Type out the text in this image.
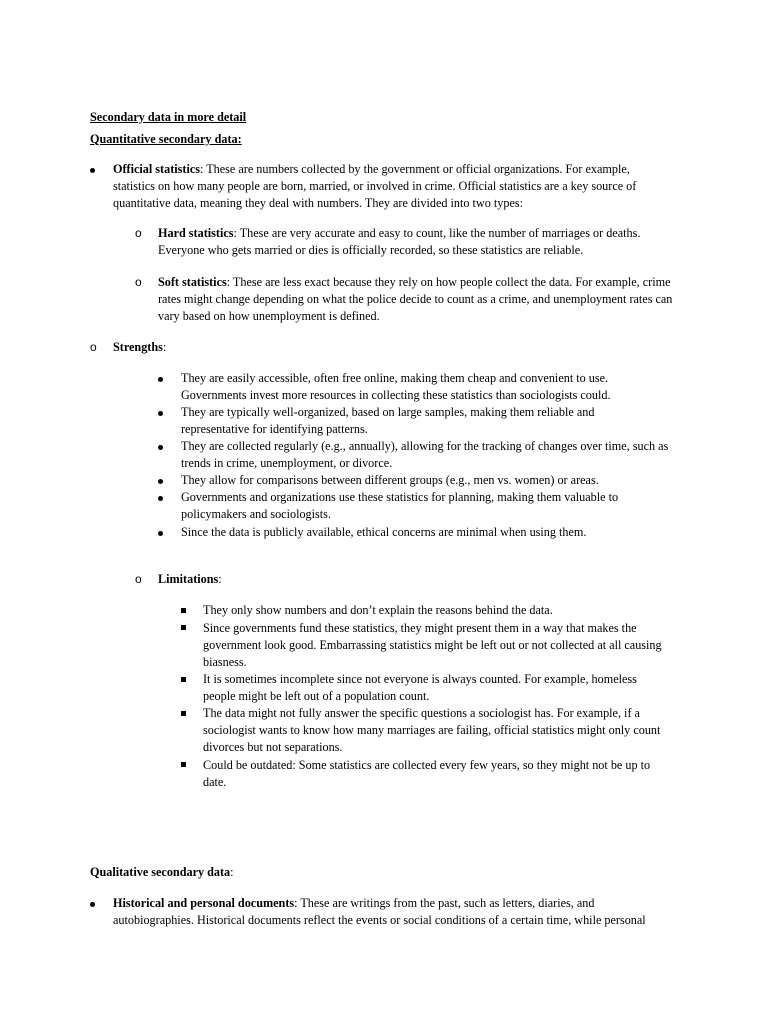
Secondary data in more detail
Quantitative secondary data:
Official statistics: These are numbers collected by the government or official organizations. For example, statistics on how many people are born, married, or involved in crime. Official statistics are a key source of quantitative data, meaning they deal with numbers. They are divided into two types:
o Hard statistics: These are very accurate and easy to count, like the number of marriages or deaths. Everyone who gets married or dies is officially recorded, so these statistics are reliable.
o Soft statistics: These are less exact because they rely on how people collect the data. For example, crime rates might change depending on what the police decide to count as a crime, and unemployment rates can vary based on how unemployment is defined.
o Strengths:
They are easily accessible, often free online, making them cheap and convenient to use. Governments invest more resources in collecting these statistics than sociologists could.
They are typically well-organized, based on large samples, making them reliable and representative for identifying patterns.
They are collected regularly (e.g., annually), allowing for the tracking of changes over time, such as trends in crime, unemployment, or divorce.
They allow for comparisons between different groups (e.g., men vs. women) or areas.
Governments and organizations use these statistics for planning, making them valuable to policymakers and sociologists.
Since the data is publicly available, ethical concerns are minimal when using them.
o Limitations:
They only show numbers and don’t explain the reasons behind the data.
Since governments fund these statistics, they might present them in a way that makes the government look good. Embarrassing statistics might be left out or not collected at all causing biasness.
It is sometimes incomplete since not everyone is always counted. For example, homeless people might be left out of a population count.
The data might not fully answer the specific questions a sociologist has. For example, if a sociologist wants to know how many marriages are failing, official statistics might only count divorces but not separations.
Could be outdated: Some statistics are collected every few years, so they might not be up to date.
Qualitative secondary data:
Historical and personal documents: These are writings from the past, such as letters, diaries, and autobiographies. Historical documents reflect the events or social conditions of a certain time, while personal
